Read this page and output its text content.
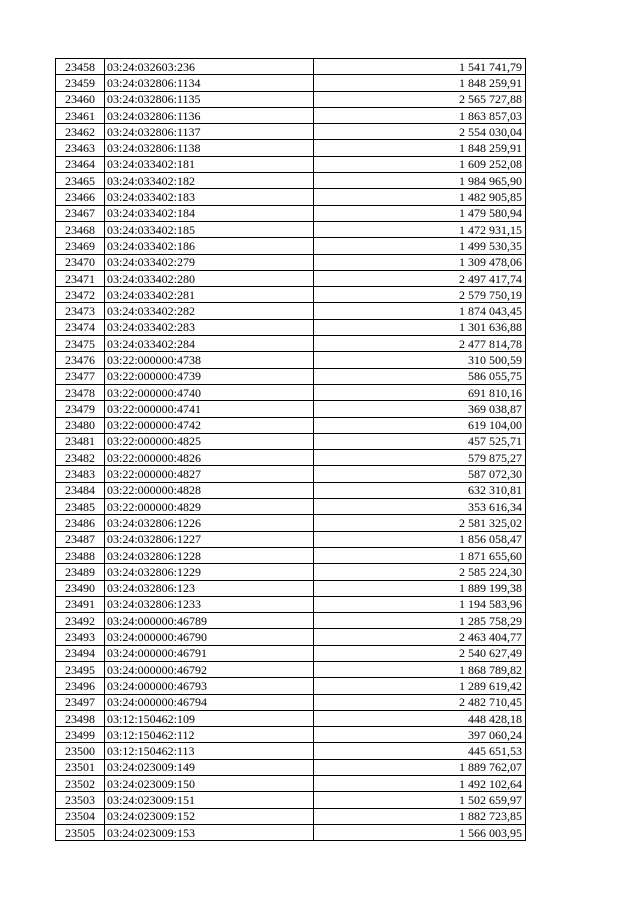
23458	03:24:032603:236	1 541 741,79
23459	03:24:032806:1134	1 848 259,91
23460	03:24:032806:1135	2 565 727,88
23461	03:24:032806:1136	1 863 857,03
23462	03:24:032806:1137	2 554 030,04
23463	03:24:032806:1138	1 848 259,91
23464	03:24:033402:181	1 609 252,08
23465	03:24:033402:182	1 984 965,90
23466	03:24:033402:183	1 482 905,85
23467	03:24:033402:184	1 479 580,94
23468	03:24:033402:185	1 472 931,15
23469	03:24:033402:186	1 499 530,35
23470	03:24:033402:279	1 309 478,06
23471	03:24:033402:280	2 497 417,74
23472	03:24:033402:281	2 579 750,19
23473	03:24:033402:282	1 874 043,45
23474	03:24:033402:283	1 301 636,88
23475	03:24:033402:284	2 477 814,78
23476	03:22:000000:4738	310 500,59
23477	03:22:000000:4739	586 055,75
23478	03:22:000000:4740	691 810,16
23479	03:22:000000:4741	369 038,87
23480	03:22:000000:4742	619 104,00
23481	03:22:000000:4825	457 525,71
23482	03:22:000000:4826	579 875,27
23483	03:22:000000:4827	587 072,30
23484	03:22:000000:4828	632 310,81
23485	03:22:000000:4829	353 616,34
23486	03:24:032806:1226	2 581 325,02
23487	03:24:032806:1227	1 856 058,47
23488	03:24:032806:1228	1 871 655,60
23489	03:24:032806:1229	2 585 224,30
23490	03:24:032806:123	1 889 199,38
23491	03:24:032806:1233	1 194 583,96
23492	03:24:000000:46789	1 285 758,29
23493	03:24:000000:46790	2 463 404,77
23494	03:24:000000:46791	2 540 627,49
23495	03:24:000000:46792	1 868 789,82
23496	03:24:000000:46793	1 289 619,42
23497	03:24:000000:46794	2 482 710,45
23498	03:12:150462:109	448 428,18
23499	03:12:150462:112	397 060,24
23500	03:12:150462:113	445 651,53
23501	03:24:023009:149	1 889 762,07
23502	03:24:023009:150	1 492 102,64
23503	03:24:023009:151	1 502 659,97
23504	03:24:023009:152	1 882 723,85
23505	03:24:023009:153	1 566 003,95
